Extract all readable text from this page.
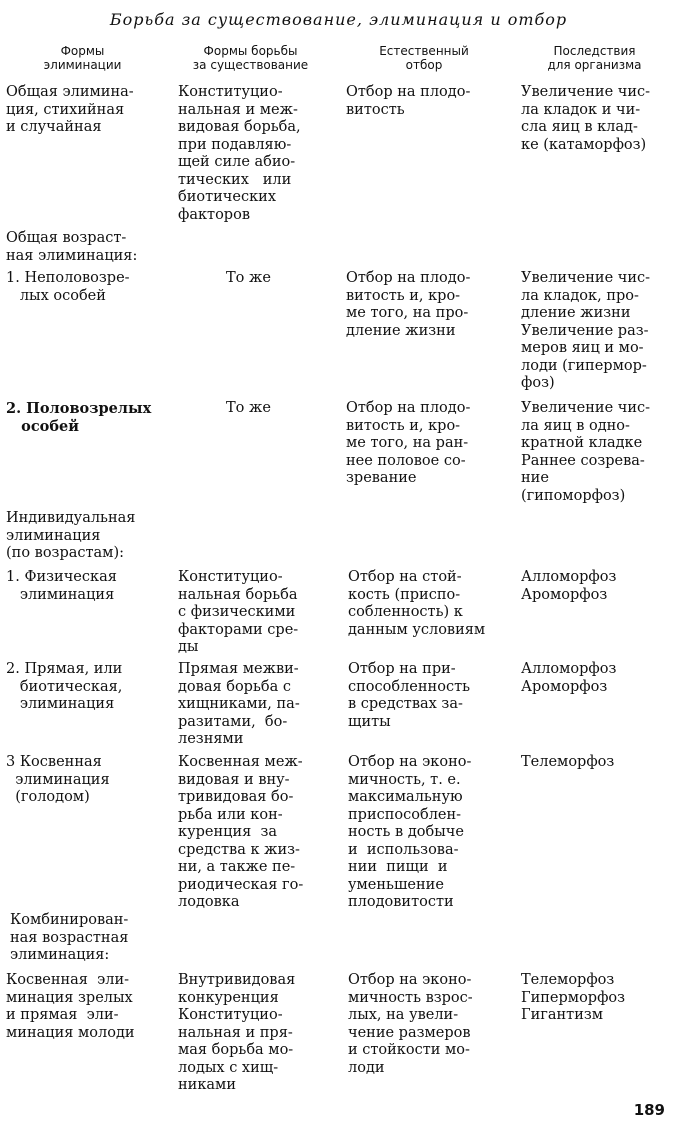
Борьба за существование, элиминация и отбор
Формы
элиминации
Формы борьбы
за существование
Естественный
отбор
Последствия
для организма
Общая элимина-
ция, стихийная
и случайная
Конституцио-
нальная и меж-
видовая борьба,
при подавляю-
щей силе абио-
тических   или
биотических
факторов
Отбор на плодо-
витость
Увеличение чис-
ла кладок и чи-
сла яиц в клад-
ке (катаморфоз)
Общая возраст-
ная элиминация:
1. Неполовозре-
лых особей
То же	Отбор на плодо-
витость и, кро-
ме того, на про-
дление жизни
Увеличение чис-
ла кладок, про-
дление жизни
Увеличение раз-
меров яиц и мо-
лоди (гипермор-
фоз)
2. Половозрелых
особей
То же	Отбор на плодо-
витость и, кро-
ме того, на ран-
нее половое со-
зревание
Увеличение чис-
ла яиц в одно-
кратной кладке
Раннее созрева-
ние
(гипоморфоз)
Индивидуальная
элиминация
(по возрастам):
1. Физическая
элиминация
Конституцио-
нальная борьба
с физическими
факторами сре-
ды
Отбор на стой-
кость (приспо-
собленность) к
данным условиям
Алломорфоз
Ароморфоз
2. Прямая, или
биотическая,
элиминация
Прямая межви-
довая борьба с
хищниками, па-
разитами,  бо-
лезнями
Отбор на при-
способленность
в средствах за-
щиты
Алломорфоз
Ароморфоз
3 Косвенная
элиминация
(голодом)
Косвенная меж-
видовая и вну-
тривидовая бо-
рьба или кон-
куренция  за
средства к жиз-
ни, а также пе-
риодическая го-
лодовка
Отбор на эконо-
мичность, т. е.
максимальную
приспособлен-
ность в добыче
и  использова-
нии  пищи  и
уменьшение
плодовитости
Телеморфоз
Комбинирован-
ная возрастная
элиминация:
Косвенная  эли-
минация зрелых
и прямая  эли-
минация молоди
Внутривидовая
конкуренция
Конституцио-
нальная и пря-
мая борьба мо-
лодых с хищ-
никами
Отбор на эконо-
мичность взрос-
лых, на увели-
чение размеров
и стойкости мо-
лоди
Телеморфоз
Гиперморфоз
Гигантизм
189
